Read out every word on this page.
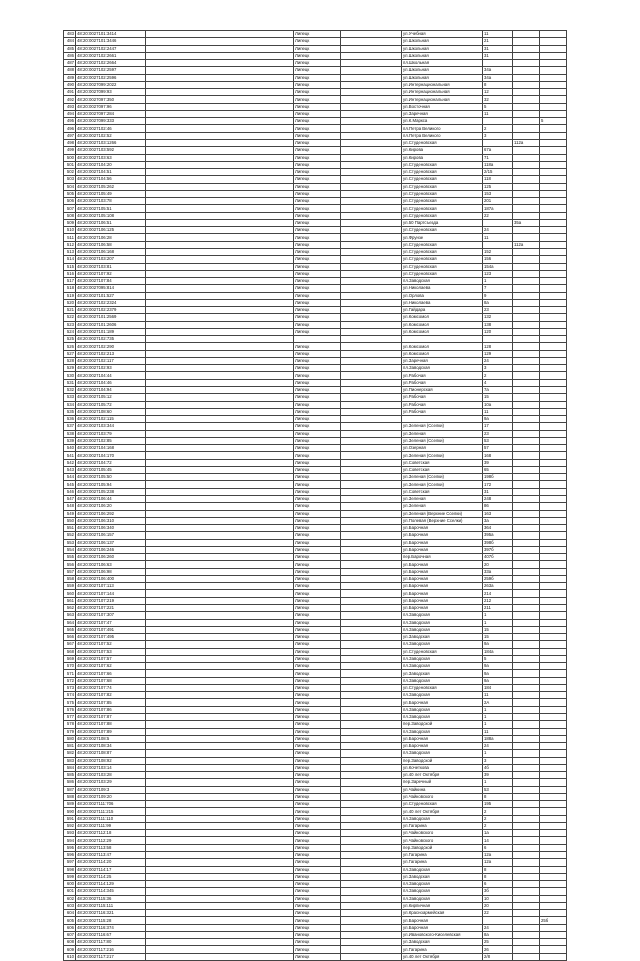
483	48:20:0027101:3414		Липецк		ул.Учебная	11		
484	48:20:0027101:3446		Липецк		ул.Школьная	21		
485	48:20:0027102:2447		Липецк		ул.Школьная	31		
486	48:20:0027102:2661		Липецк		ул.Школьная	31		
487	48:20:0027102:2664		Липецк		пл.Школьная			
488	48:20:0027102:2597		Липецк		ул.Школьная	34а		
489	48:20:0027102:2596		Липецк		ул.Школьная	34а		
490	48:20:0027099:2022		Липецк		ул.Интернациональная	8		
491	48:20:0027099:93		Липецк		ул.Интернациональная	12		
492	48:20:0027097:350		Липецк		ул.Интернациональная	32		
493	48:20:0027097:96		Липецк		ул.Восточная	5		
494	48:20:0027097:284		Липецк		ул.Заречная	11		
495	48:20:0027099:333		Липецк		ул.К.Маркса			5
496	48:20:0027102:46		Липецк		пл.Петра Великого	2		
497	48:20:0027102:52		Липецк		пл.Петра Великого	3		
498	48:20:0027103:1266		Липецк		ул.Студеновская		112а	
499	48:20:0027103:592		Липецк		ул.Кирова	67а		
500	48:20:0027103:63		Липецк		ул.Кирова	71		
501	48:20:0027104:20		Липецк		ул.Студеновская	118а		
502	48:20:0027104:51		Липецк		ул.Студеновская	2/15		
503	48:20:0027104:56		Липецк		ул.Студеновская	118		
504	48:20:0027105:262		Липецк		ул.Студеновская	125		
505	48:20:0027105:49		Липецк		ул.Студеновская	153		
506	48:20:0027103:78		Липецк		ул.Студеновская	201		
507	48:20:0027105:51		Липецк		ул.Студеновская	187а		
508	48:20:0027105:108		Липецк		ул.Студеновская	22		
509	48:20:0027106:51		Липецк		ул.50 Партсъезда		35а	
510	48:20:0027106:125		Липецк		ул.Студеновская	24		
511	48:20:0027106:28		Липецк		ул.Фрунзе	11		
512	48:20:0027106:58		Липецк		ул.Студеновская		112а	
513	48:20:0027106:168		Липецк		ул.Студеновская	152		
514	48:20:0027103:207		Липецк		ул.Студеновская	156		
515	48:20:0027103:81		Липецк		ул.Студеновская	154а		
516	48:20:0027107:92		Липецк		ул.Студеновская	123		
517	48:20:0027107:84		Липецк		пл.Заводская	1		
518	48:20:0027095:814		Липецк		ул.Николаева	7		
519	48:20:0027101:527		Липецк		ул.Орлова	9		
520	48:20:0027102:2324		Липецк		ул.Николаева	8а		
521	48:20:0027102:2379		Липецк		ул.Гайдара	23		
522	48:20:0027101:2569		Липецк		ул.Комсомол	132		
523	48:20:0027101:2606		Липецк		ул.Комсомол	138		
524	48:20:0027101:189		Липецк		ул.Комсомол	120		
525	48:20:0027102:735							
526	48:20:0027102:290		Липецк		ул.Комсомол	128		
527	48:20:0027102:213		Липецк		ул.Комсомол	129		
528	48:20:0027102:117		Липецк		ул.Заречная	24		
529	48:20:0027102:93		Липецк		пл.Заводская	3		
530	48:20:0027104:44		Липецк		ул.Рабочая	2		
531	48:20:0027104:46		Липецк		ул.Рабочая	4		
532	48:20:0027104:94		Липецк		ул.Пионерская	7а		
533	48:20:0027105:12		Липецк		ул.Рабочая	15		
534	48:20:0027105:72		Липецк		ул.Рабочая	10а		
535	48:20:0027108:60		Липецк		ул.Рабочая	11		
536	48:20:0027102:115		Липецк			9а		
537	48:20:0027103:344		Липецк		ул.Зеленая (Сселки)	17		
538	48:20:0027103:79		Липецк		ул.Зеленая	23		
539	48:20:0027102:85		Липецк		ул.Зеленая (Сселки)	53		
540	48:20:0027104:168		Липецк		ул.Озерная	57		
541	48:20:0027104:170		Липецк		ул.Зеленая (Сселки)	168		
542	48:20:0027104:72		Липецк		ул.Советская	39		
543	48:20:0027105:45		Липецк		ул.Советская	65		
544	48:20:0027105:50		Липецк		ул.Зеленая (Сселки)	198б		
545	48:20:0027105:94		Липецк		ул.Зеленая (Сселки)	172		
546	48:20:0027105:238		Липецк		ул.Советская	31		
547	48:20:0027106:44		Липецк		ул.Зеленая	248		
548	48:20:0027106:20		Липецк		ул.Зеленая	86		
549	48:20:0027106:292		Липецк		ул.Зеленая (Верхние Сселки)	163		
550	48:20:0027106:310		Липецк		ул.Полевая (Верхние Сселки)	3а		
551	48:20:0027106:340		Липецк		ул.Барочная	364		
552	48:20:0027106:157		Липецк		ул.Барочная	395а		
553	48:20:0027106:137		Липецк		ул.Барочная	398б		
554	48:20:0027106:246		Липецк		ул.Барочная	397б		
555	48:20:0027106:260		Липецк		пер.Барочная	407б		
556	48:20:0027106:63		Липецк		ул.Барочная	20		
557	48:20:0027106:98		Липецк		ул.Барочная	33а		
558	48:20:0027106:400		Липецк		ул.Барочная	259б		
559	48:20:0027107:113		Липецк		ул.Барочная	263а		
560	48:20:0027107:144		Липецк		ул.Барочная	214		
561	48:20:0027107:219		Липецк		ул.Барочная	212		
562	48:20:0027107:221		Липецк		ул.Барочная	211		
563	48:20:0027107:307		Липецк		пл.Заводская	1		
564	48:20:0027107:47		Липецк		пл.Заводская	1		
565	48:20:0027107:491		Липецк		пл.Заводская	15		
566	48:20:0027107:495		Липецк		ул.Заводская	15		
567	48:20:0027107:52		Липецк		пл.Заводская	9а		
568	48:20:0027107:53		Липецк		ул.Студеновская	184а		
569	48:20:0027107:57		Липецк		пл.Заводская	5		
570	48:20:0027107:62		Липецк		пл.Заводская	9а		
571	48:20:0027107:66		Липецк		ул.Заводская	9а		
572	48:20:0027107:68		Липецк		пл.Заводская	9а		
573	48:20:0027107:74		Липецк		ул.Студеновская	184		
574	48:20:0027107:82		Липецк		пл.Заводская	11		
575	48:20:0027107:85		Липецк		ул.Барочная	2А		
576	48:20:0027107:86		Липецк		пл.Заводская	1		
577	48:20:0027107:87		Липецк		пл.Заводская	1		
578	48:20:0027107:88		Липецк		пер.Заводской	1		
579	48:20:0027107:89		Липецк		пл.Заводская	11		
580	48:20:0027108:5		Липецк		ул.Барочная	188а		
581	48:20:0027108:34		Липецк		ул.Барочная	24		
582	48:20:0027108:87		Липецк		пл.Заводская	1		
583	48:20:0027108:92		Липецк		пер.Заводской	3		
584	48:20:0027103:14		Липецк		ул.Кочеткова	4б		
585	48:20:0027103:28		Липецк		ул.40 лет Октября	39		
586	48:20:0027103:29		Липецк		пер.Заречный	1		
587	48:20:0027109:3		Липецк		ул.Чайкина	53		
588	48:20:0027109:20		Липецк		ул.Чайковского	8		
589	48:20:0027111:706		Липецк		ул.Студеновская	195		
590	48:20:0027111:215		Липецк		ул.40 лет Октября	2		
591	48:20:0027111:110		Липецк		пл.Заводская	2		
592	48:20:0027111:99		Липецк		ул.Гагарина	2		
593	48:20:0027112:18		Липецк		ул.Чайковского	1а		
594	48:20:0027112:29		Липецк		ул.Чайковского	14		
595	48:20:0027113:58		Липецк		пер.Заводской	6		
596	48:20:0027113:47		Липецк		ул.Гагарина	12а		
597	48:20:0027114:20		Липецк		ул.Гагарина	12а		
598	48:20:0027114:17		Липецк		пл.Заводская	8		
599	48:20:0027114:25		Липецк		ул.Заводская	8		
600	48:20:0027114:129		Липецк		пл.Заводская	6		
601	48:20:0027114:345		Липецк		пл.Заводская	3б		
602	48:20:0027115:36		Липецк		пл.Заводская	10		
603	48:20:0027115:111		Липецк		ул.Кирпичная	20		
604	48:20:0027116:321		Липецк		ул.Красноармейская	22		
605	48:20:0027115:28		Липецк		ул.Барочная			25б
606	48:20:0027116:374		Липецк		ул.Барочная	24		
607	48:20:0027116:67		Липецк		ул.Ивановского-Киселевская	8а		
608	48:20:0027117:80		Липецк		ул.Заводская	25		
609	48:20:0027117:216		Липецк		ул.Гагарина	26		
610	48:20:0027117:217		Липецк		ул.40 лет Октября	2/8		
